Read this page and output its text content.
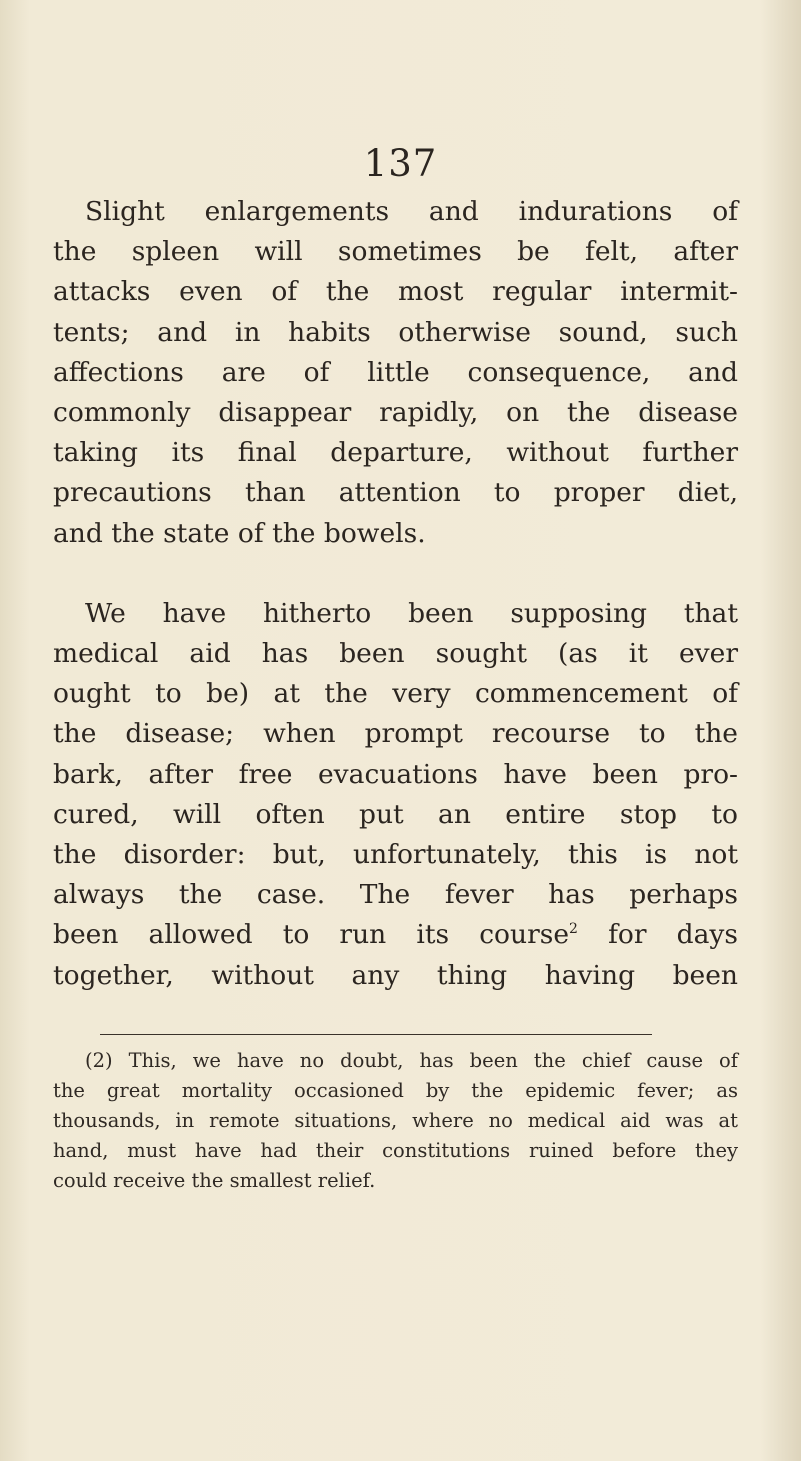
137
Slight enlargements and indurations of
the spleen will sometimes be felt, after
attacks even of the most regular intermit-
tents; and in habits otherwise sound, such
affections are of little consequence, and
commonly disappear rapidly, on the disease
taking its final departure, without further
precautions than attention to proper diet,
and the state of the bowels.
We have hitherto been supposing that
medical aid has been sought (as it ever
ought to be) at the very commencement of
the disease; when prompt recourse to the
bark, after free evacuations have been pro-
cured, will often put an entire stop to
the disorder: but, unfortunately, this is not
always the case. The fever has perhaps
been allowed to run its course$^2$ for days
together, without any thing having been
(2) This, we have no doubt, has been the chief cause of
the great mortality occasioned by the epidemic fever; as
thousands, in remote situations, where no medical aid was at
hand, must have had their constitutions ruined before they
could receive the smallest relief.
